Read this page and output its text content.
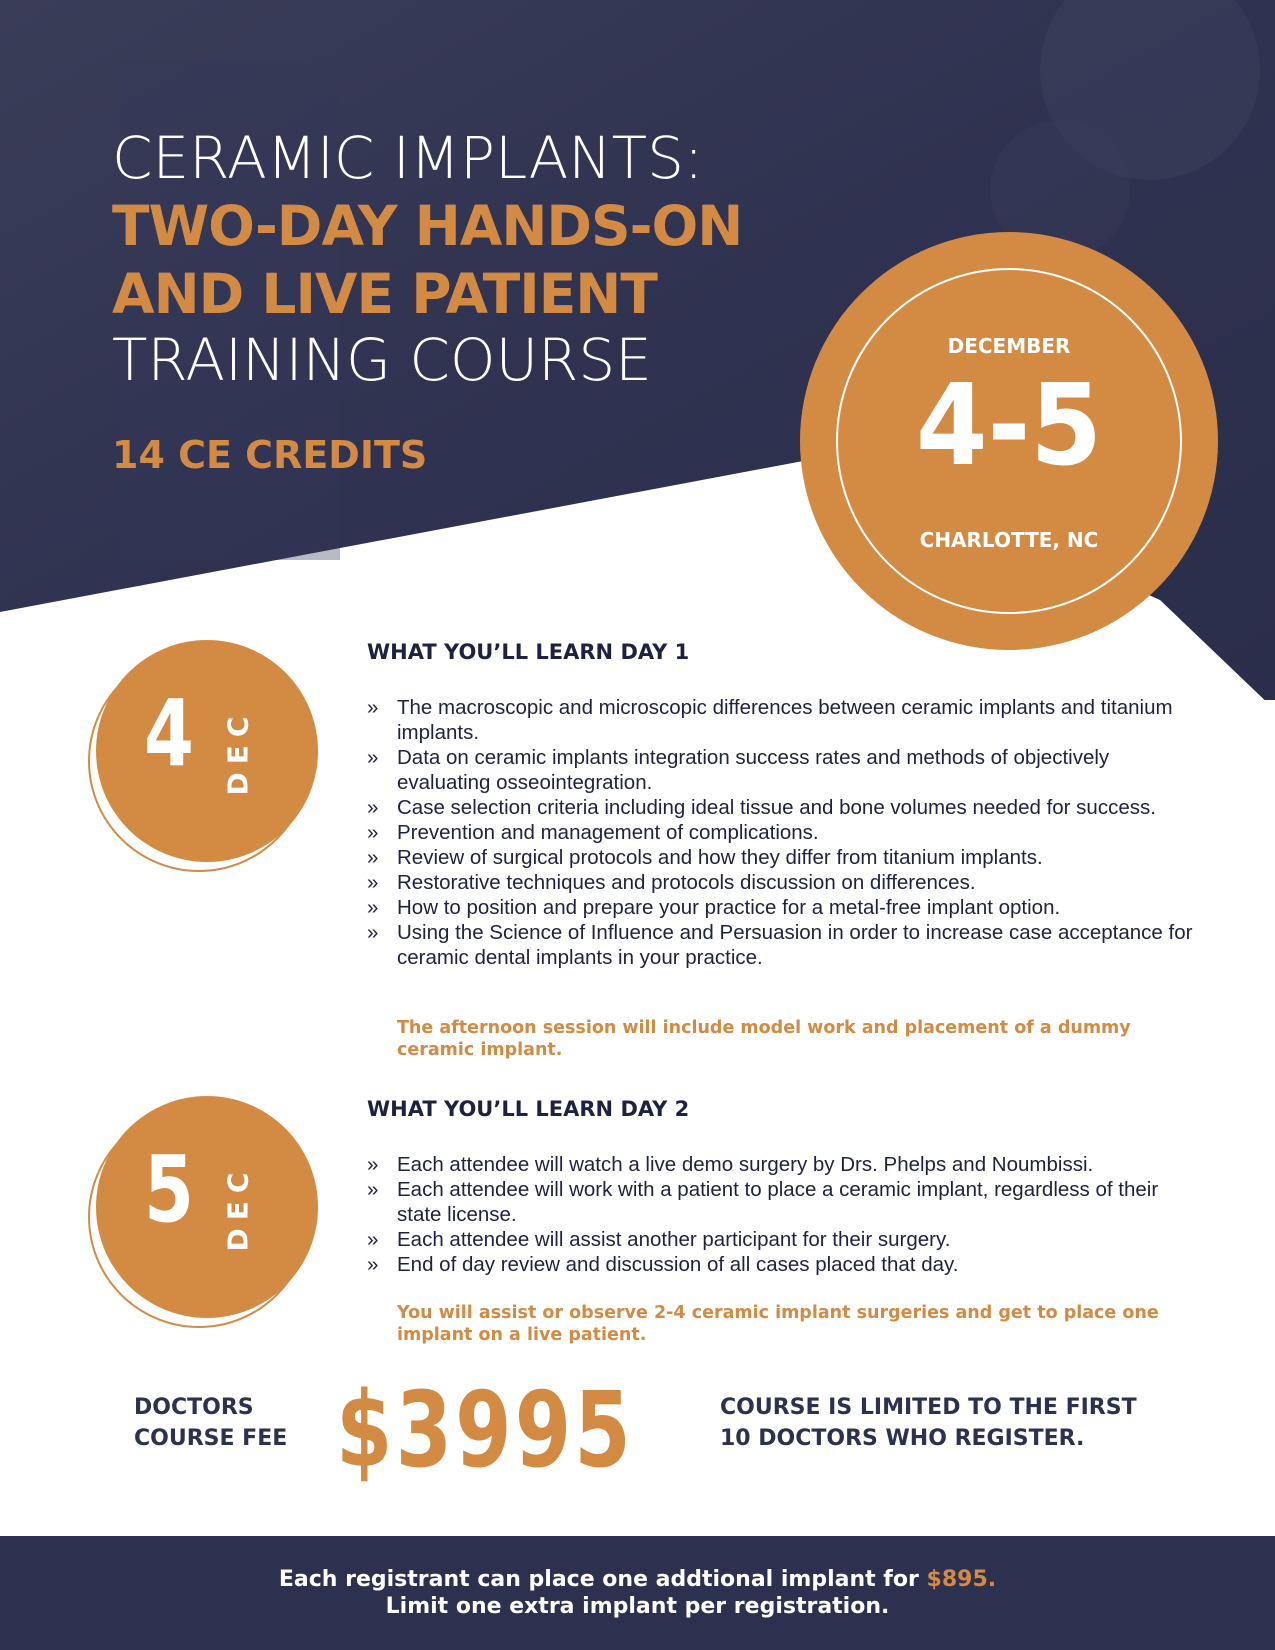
CERAMIC IMPLANTS:
TWO-DAY HANDS-ON
AND LIVE PATIENT
TRAINING COURSE
14 CE CREDITS
DECEMBER
4-5
CHARLOTTE, NC
4 DEC
WHAT YOU’LL LEARN DAY 1
» The macroscopic and microscopic differences between ceramic implants and titanium implants.
» Data on ceramic implants integration success rates and methods of objectively evaluating osseointegration.
» Case selection criteria including ideal tissue and bone volumes needed for success.
» Prevention and management of complications.
» Review of surgical protocols and how they differ from titanium implants.
» Restorative techniques and protocols discussion on differences.
» How to position and prepare your practice for a metal-free implant option.
» Using the Science of Influence and Persuasion in order to increase case acceptance for ceramic dental implants in your practice.
The afternoon session will include model work and placement of a dummy ceramic implant.
5 DEC
WHAT YOU’LL LEARN DAY 2
» Each attendee will watch a live demo surgery by Drs. Phelps and Noumbissi.
» Each attendee will work with a patient to place a ceramic implant, regardless of their state license.
» Each attendee will assist another participant for their surgery.
» End of day review and discussion of all cases placed that day.
You will assist or observe 2-4 ceramic implant surgeries and get to place one implant on a live patient.
DOCTORS
COURSE FEE $3995	COURSE IS LIMITED TO THE FIRST
10 DOCTORS WHO REGISTER.
Each registrant can place one addtional implant for $895.
Limit one extra implant per registration.
